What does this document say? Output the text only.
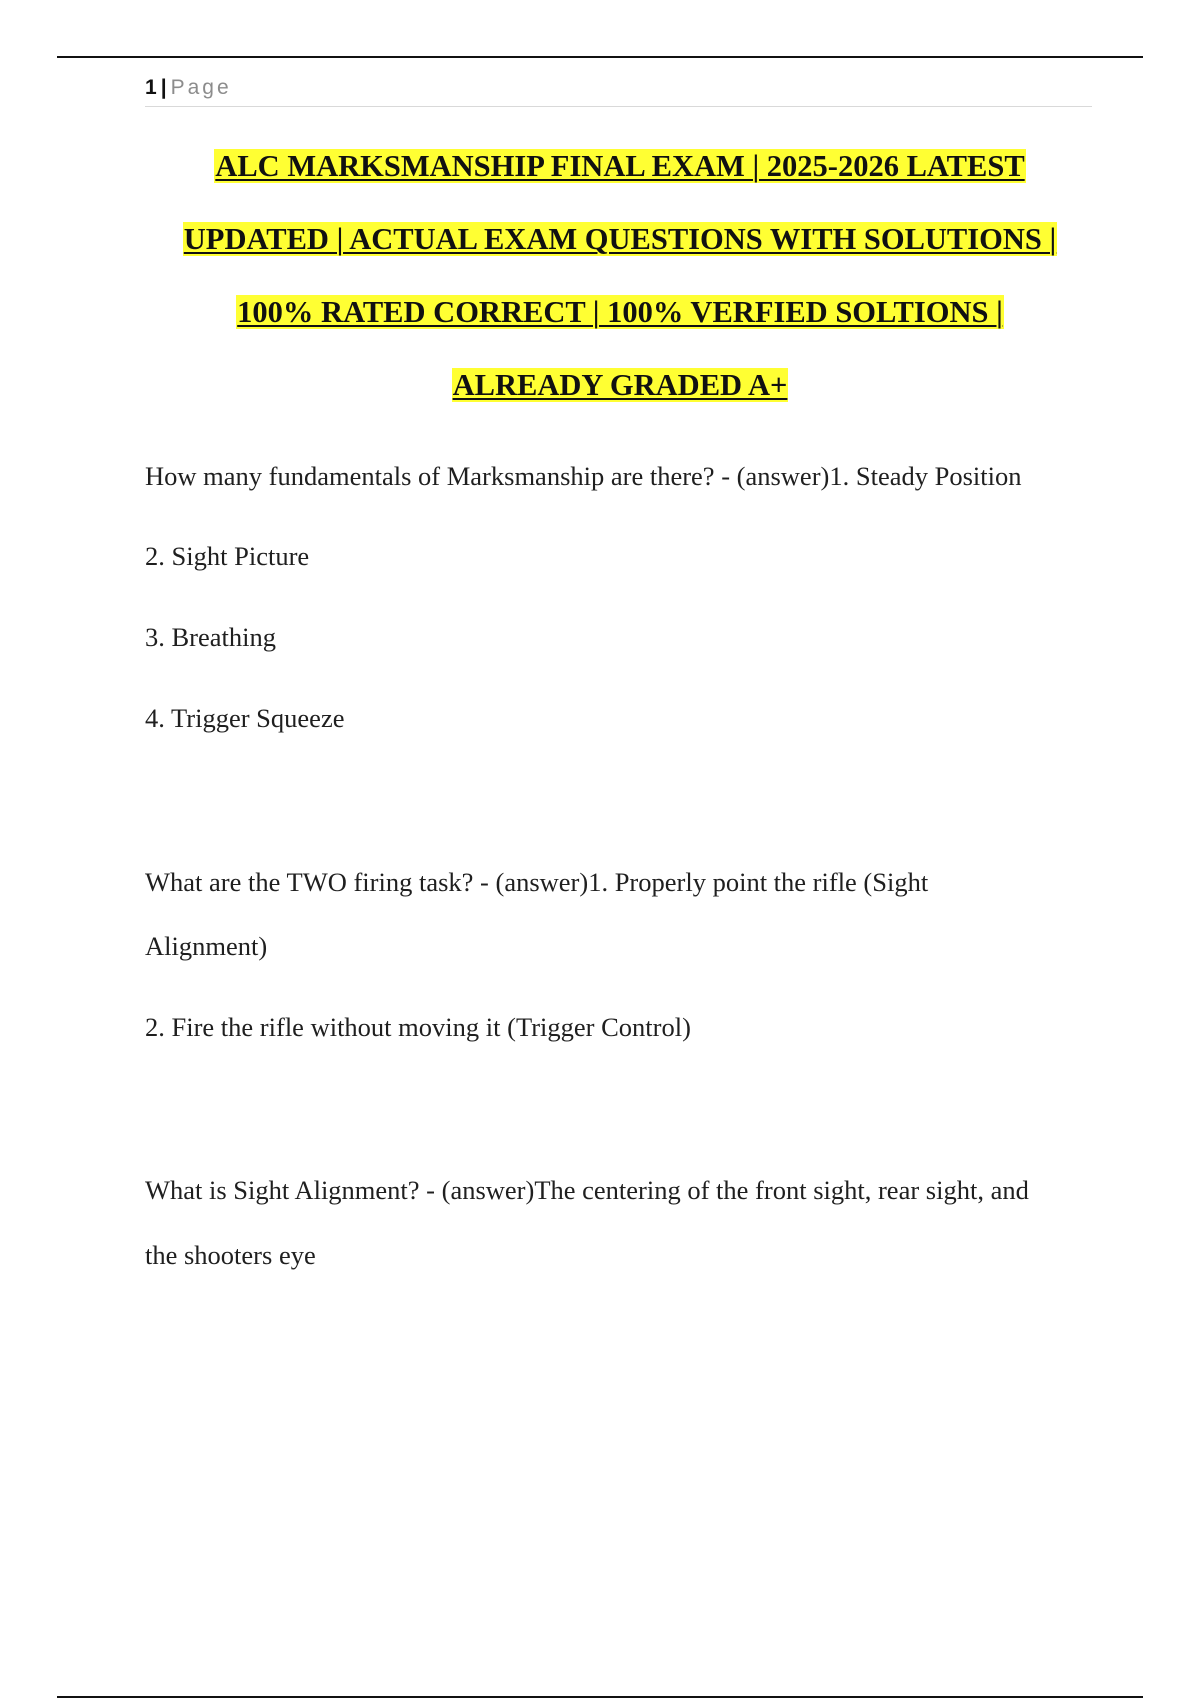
1 | Page
ALC MARKSMANSHIP FINAL EXAM | 2025-2026 LATEST
UPDATED | ACTUAL EXAM QUESTIONS WITH SOLUTIONS |
100% RATED CORRECT | 100% VERFIED SOLTIONS |
ALREADY GRADED A+
How many fundamentals of Marksmanship are there? - (answer)1. Steady Position
2. Sight Picture
3. Breathing
4. Trigger Squeeze
What are the TWO firing task? - (answer)1. Properly point the rifle (Sight
Alignment)
2. Fire the rifle without moving it (Trigger Control)
What is Sight Alignment? - (answer)The centering of the front sight, rear sight, and
the shooters eye
